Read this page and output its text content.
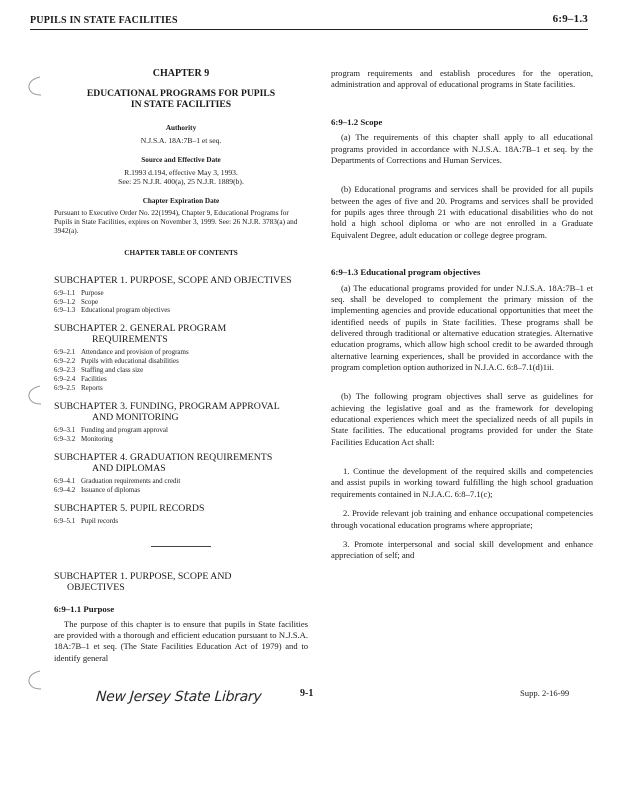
PUPILS IN STATE FACILITIES	6:9–1.3
CHAPTER 9
EDUCATIONAL PROGRAMS FOR PUPILS
IN STATE FACILITIES
Authority
N.J.S.A. 18A:7B–1 et seq.
Source and Effective Date
R.1993 d.194, effective May 3, 1993.
See: 25 N.J.R. 400(a), 25 N.J.R. 1889(b).
Chapter Expiration Date
Pursuant to Executive Order No. 22(1994), Chapter 9, Educational Programs for Pupils in State Facilities, expires on November 3, 1999. See: 26 N.J.R. 3783(a) and 3942(a).
CHAPTER TABLE OF CONTENTS
SUBCHAPTER 1. PURPOSE, SCOPE AND OBJECTIVES
6:9–1.1 Purpose
6:9–1.2 Scope
6:9–1.3 Educational program objectives
SUBCHAPTER 2. GENERAL PROGRAM
REQUIREMENTS
6:9–2.1 Attendance and provision of programs
6:9–2.2 Pupils with educational disabilities
6:9–2.3 Staffing and class size
6:9–2.4 Facilities
6:9–2.5 Reports
SUBCHAPTER 3. FUNDING, PROGRAM APPROVAL
AND MONITORING
6:9–3.1 Funding and program approval
6:9–3.2 Monitoring
SUBCHAPTER 4. GRADUATION REQUIREMENTS
AND DIPLOMAS
6:9–4.1 Graduation requirements and credit
6:9–4.2 Issuance of diplomas
SUBCHAPTER 5. PUPIL RECORDS
6:9–5.1 Pupil records
SUBCHAPTER 1. PURPOSE, SCOPE AND
OBJECTIVES
6:9–1.1 Purpose

The purpose of this chapter is to ensure that pupils in State facilities are provided with a thorough and efficient education pursuant to N.J.S.A. 18A:7B–1 et seq. (The State Facilities Education Act of 1979) and to identify general

program requirements and establish procedures for the operation, administration and approval of educational programs in State facilities.

6:9–1.2 Scope

(a) The requirements of this chapter shall apply to all educational programs provided in accordance with N.J.S.A. 18A:7B–1 et seq. by the Departments of Corrections and Human Services.

(b) Educational programs and services shall be provided for all pupils between the ages of five and 20. Programs and services shall be provided for pupils ages three through 21 with educational disabilities who do not hold a high school diploma or who are not enrolled in a Graduate Equivalent Degree, adult education or college degree program.

6:9–1.3 Educational program objectives

(a) The educational programs provided for under N.J.S.A. 18A:7B–1 et seq. shall be developed to complement the primary mission of the implementing agencies and provide educational opportunities that meet the identified needs of pupils in State facilities. These programs shall be delivered through traditional or alternative education strategies. Alternative education programs, which allow high school credit to be awarded through alternative learning experiences, shall be provided in accordance with the program completion option authorized in N.J.A.C. 6:8–7.1(d)1ii.

(b) The following program objectives shall serve as guidelines for achieving the legislative goal and as the framework for developing educational experiences which meet the specialized needs of all pupils in State facilities. The educational programs provided for under the State Facilities Education Act shall:

1. Continue the development of the required skills and competencies and assist pupils in working toward fulfilling the high school graduation requirements contained in N.J.A.C. 6:8–7.1(c);

2. Provide relevant job training and enhance occupational competencies through vocational education programs where appropriate;

3. Promote interpersonal and social skill development and enhance appreciation of self; and

New Jersey State Library	9-1	Supp. 2-16-99
